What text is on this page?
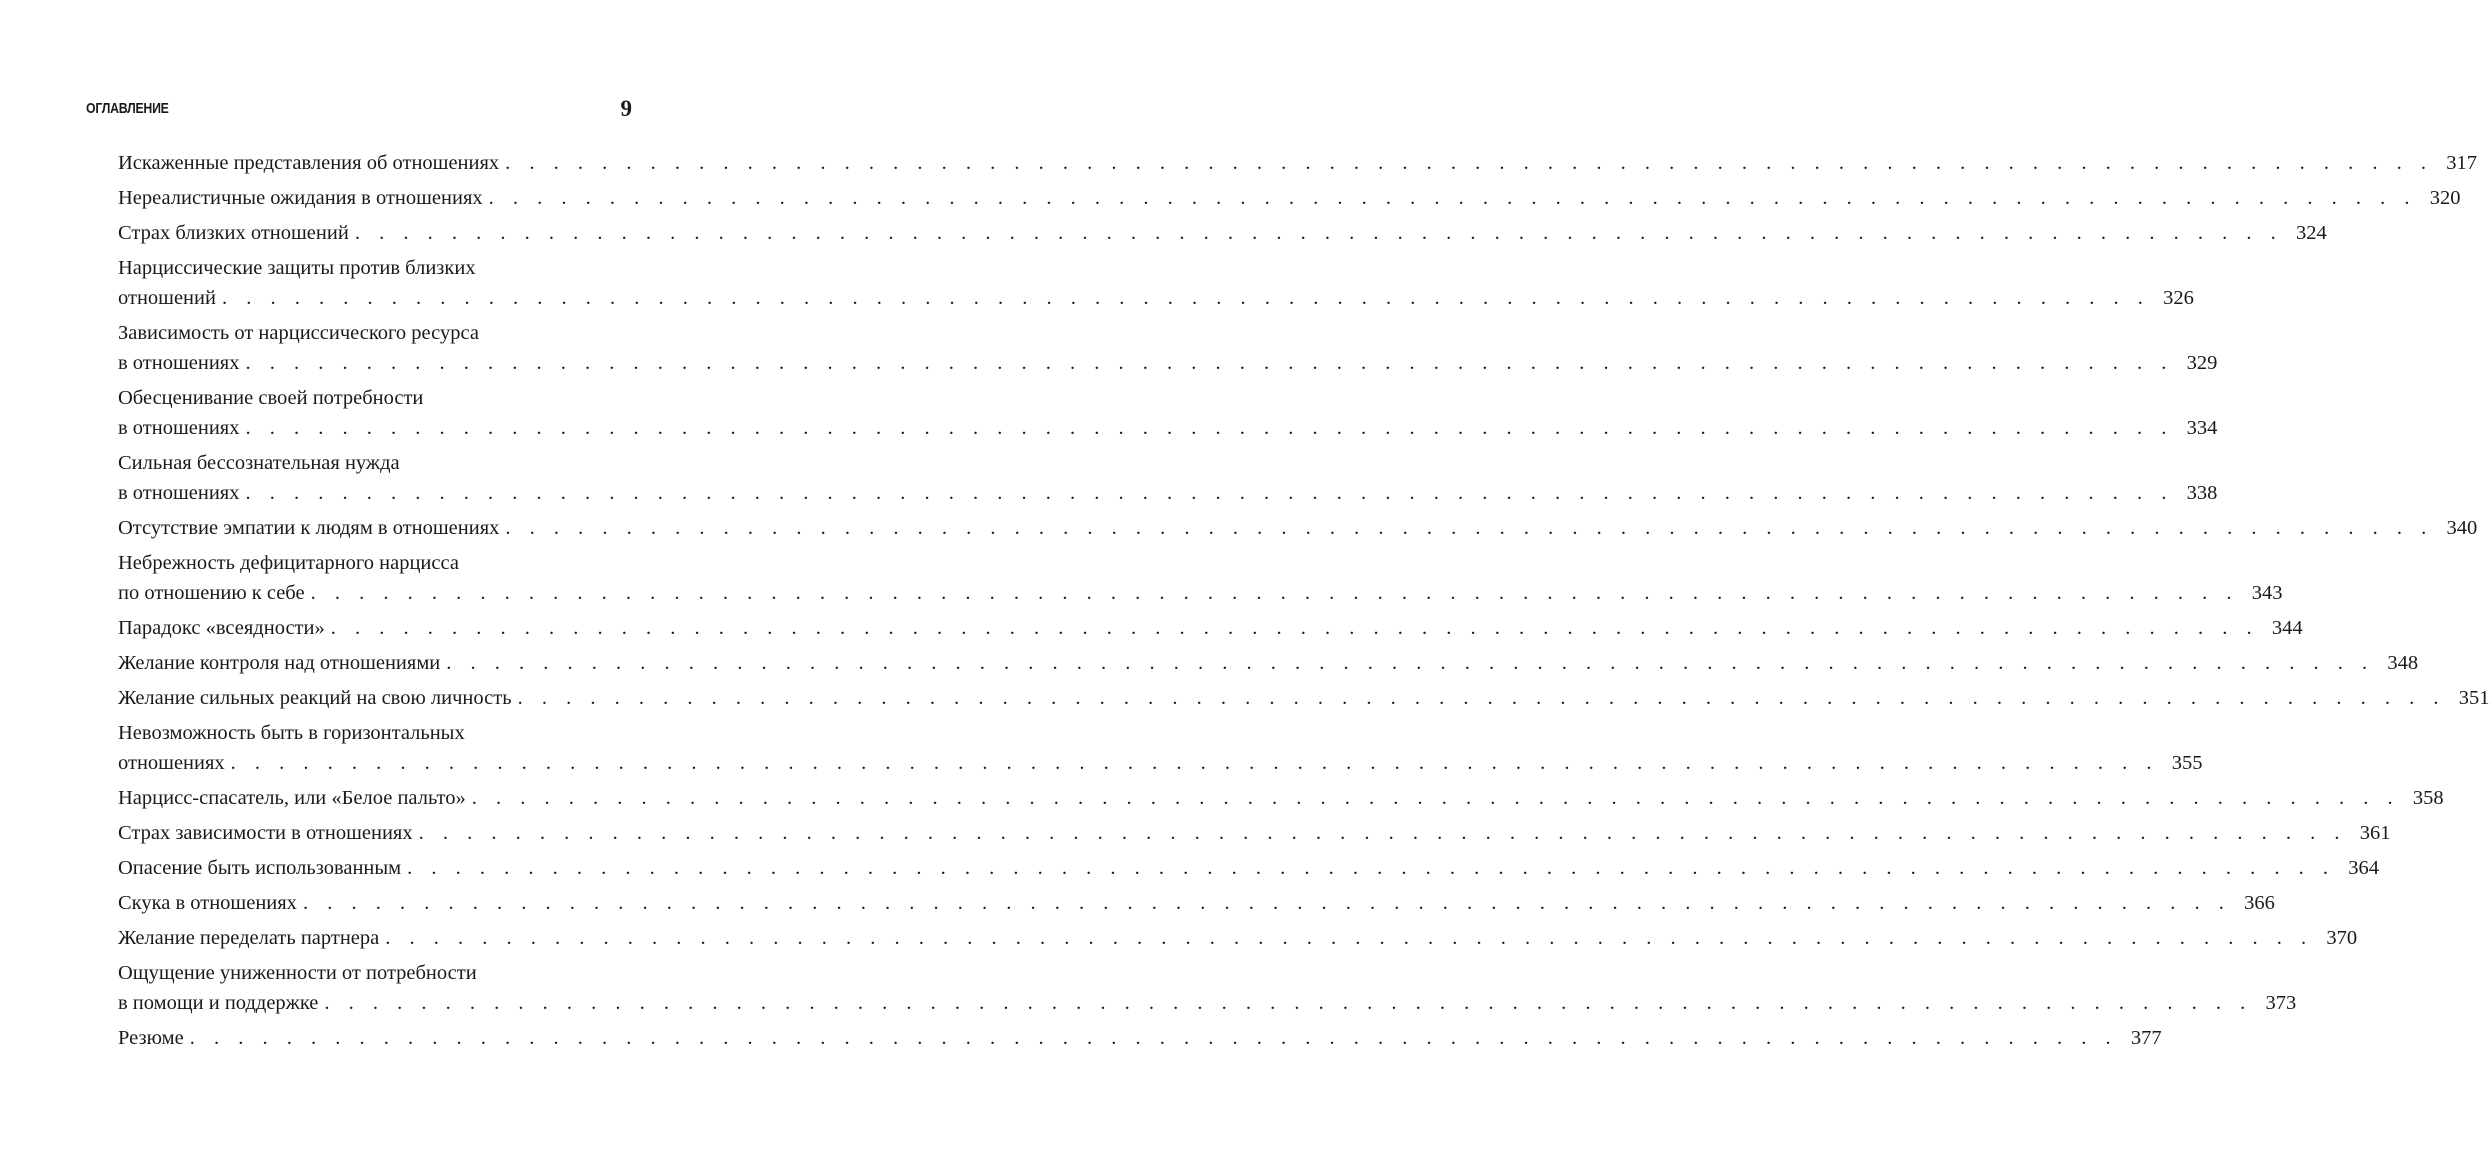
ОГЛАВЛЕНИЕ	9
Искаженные представления об отношениях . . . . . . . . . . . . . . . . . . . . . . . . . . . . . . . . . . . . . . . . . . . . . . . . . . . . . . . . . . . . . . . . . . . . . . . . . . . . . . . . 317
Нереалистичные ожидания в отношениях . . . . . . . . . . . . . . . . . . . . . . . . . . . . . . . . . . . . . . . . . . . . . . . . . . . . . . . . . . . . . . . . . . . . . . . . . . . . . . . . 320
Страх близких отношений . . . . . . . . . . . . . . . . . . . . . . . . . . . . . . . . . . . . . . . . . . . . . . . . . . . . . . . . . . . . . . . . . . . . . . . . . . . . . . . . 324
Нарциссические защиты против близких
отношений . . . . . . . . . . . . . . . . . . . . . . . . . . . . . . . . . . . . . . . . . . . . . . . . . . . . . . . . . . . . . . . . . . . . . . . . . . . . . . . . 326
Зависимость от нарциссического ресурса
в отношениях . . . . . . . . . . . . . . . . . . . . . . . . . . . . . . . . . . . . . . . . . . . . . . . . . . . . . . . . . . . . . . . . . . . . . . . . . . . . . . . . 329
Обесценивание своей потребности
в отношениях . . . . . . . . . . . . . . . . . . . . . . . . . . . . . . . . . . . . . . . . . . . . . . . . . . . . . . . . . . . . . . . . . . . . . . . . . . . . . . . . 334
Сильная бессознательная нужда
в отношениях . . . . . . . . . . . . . . . . . . . . . . . . . . . . . . . . . . . . . . . . . . . . . . . . . . . . . . . . . . . . . . . . . . . . . . . . . . . . . . . . 338
Отсутствие эмпатии к людям в отношениях . . . . . . . . . . . . . . . . . . . . . . . . . . . . . . . . . . . . . . . . . . . . . . . . . . . . . . . . . . . . . . . . . . . . . . . . . . . . . . . . 340
Небрежность дефицитарного нарцисса
по отношению к себе . . . . . . . . . . . . . . . . . . . . . . . . . . . . . . . . . . . . . . . . . . . . . . . . . . . . . . . . . . . . . . . . . . . . . . . . . . . . . . . . 343
Парадокс «всеядности» . . . . . . . . . . . . . . . . . . . . . . . . . . . . . . . . . . . . . . . . . . . . . . . . . . . . . . . . . . . . . . . . . . . . . . . . . . . . . . . . 344
Желание контроля над отношениями . . . . . . . . . . . . . . . . . . . . . . . . . . . . . . . . . . . . . . . . . . . . . . . . . . . . . . . . . . . . . . . . . . . . . . . . . . . . . . . . 348
Желание сильных реакций на свою личность . . . . . . . . . . . . . . . . . . . . . . . . . . . . . . . . . . . . . . . . . . . . . . . . . . . . . . . . . . . . . . . . . . . . . . . . . . . . . . . . 351
Невозможность быть в горизонтальных
отношениях . . . . . . . . . . . . . . . . . . . . . . . . . . . . . . . . . . . . . . . . . . . . . . . . . . . . . . . . . . . . . . . . . . . . . . . . . . . . . . . . 355
Нарцисс-спасатель, или «Белое пальто» . . . . . . . . . . . . . . . . . . . . . . . . . . . . . . . . . . . . . . . . . . . . . . . . . . . . . . . . . . . . . . . . . . . . . . . . . . . . . . . . 358
Страх зависимости в отношениях . . . . . . . . . . . . . . . . . . . . . . . . . . . . . . . . . . . . . . . . . . . . . . . . . . . . . . . . . . . . . . . . . . . . . . . . . . . . . . . . 361
Опасение быть использованным . . . . . . . . . . . . . . . . . . . . . . . . . . . . . . . . . . . . . . . . . . . . . . . . . . . . . . . . . . . . . . . . . . . . . . . . . . . . . . . . 364
Скука в отношениях . . . . . . . . . . . . . . . . . . . . . . . . . . . . . . . . . . . . . . . . . . . . . . . . . . . . . . . . . . . . . . . . . . . . . . . . . . . . . . . . 366
Желание переделать партнера . . . . . . . . . . . . . . . . . . . . . . . . . . . . . . . . . . . . . . . . . . . . . . . . . . . . . . . . . . . . . . . . . . . . . . . . . . . . . . . . 370
Ощущение униженности от потребности
в помощи и поддержке . . . . . . . . . . . . . . . . . . . . . . . . . . . . . . . . . . . . . . . . . . . . . . . . . . . . . . . . . . . . . . . . . . . . . . . . . . . . . . . . 373
Резюме . . . . . . . . . . . . . . . . . . . . . . . . . . . . . . . . . . . . . . . . . . . . . . . . . . . . . . . . . . . . . . . . . . . . . . . . . . . . . . . . 377
